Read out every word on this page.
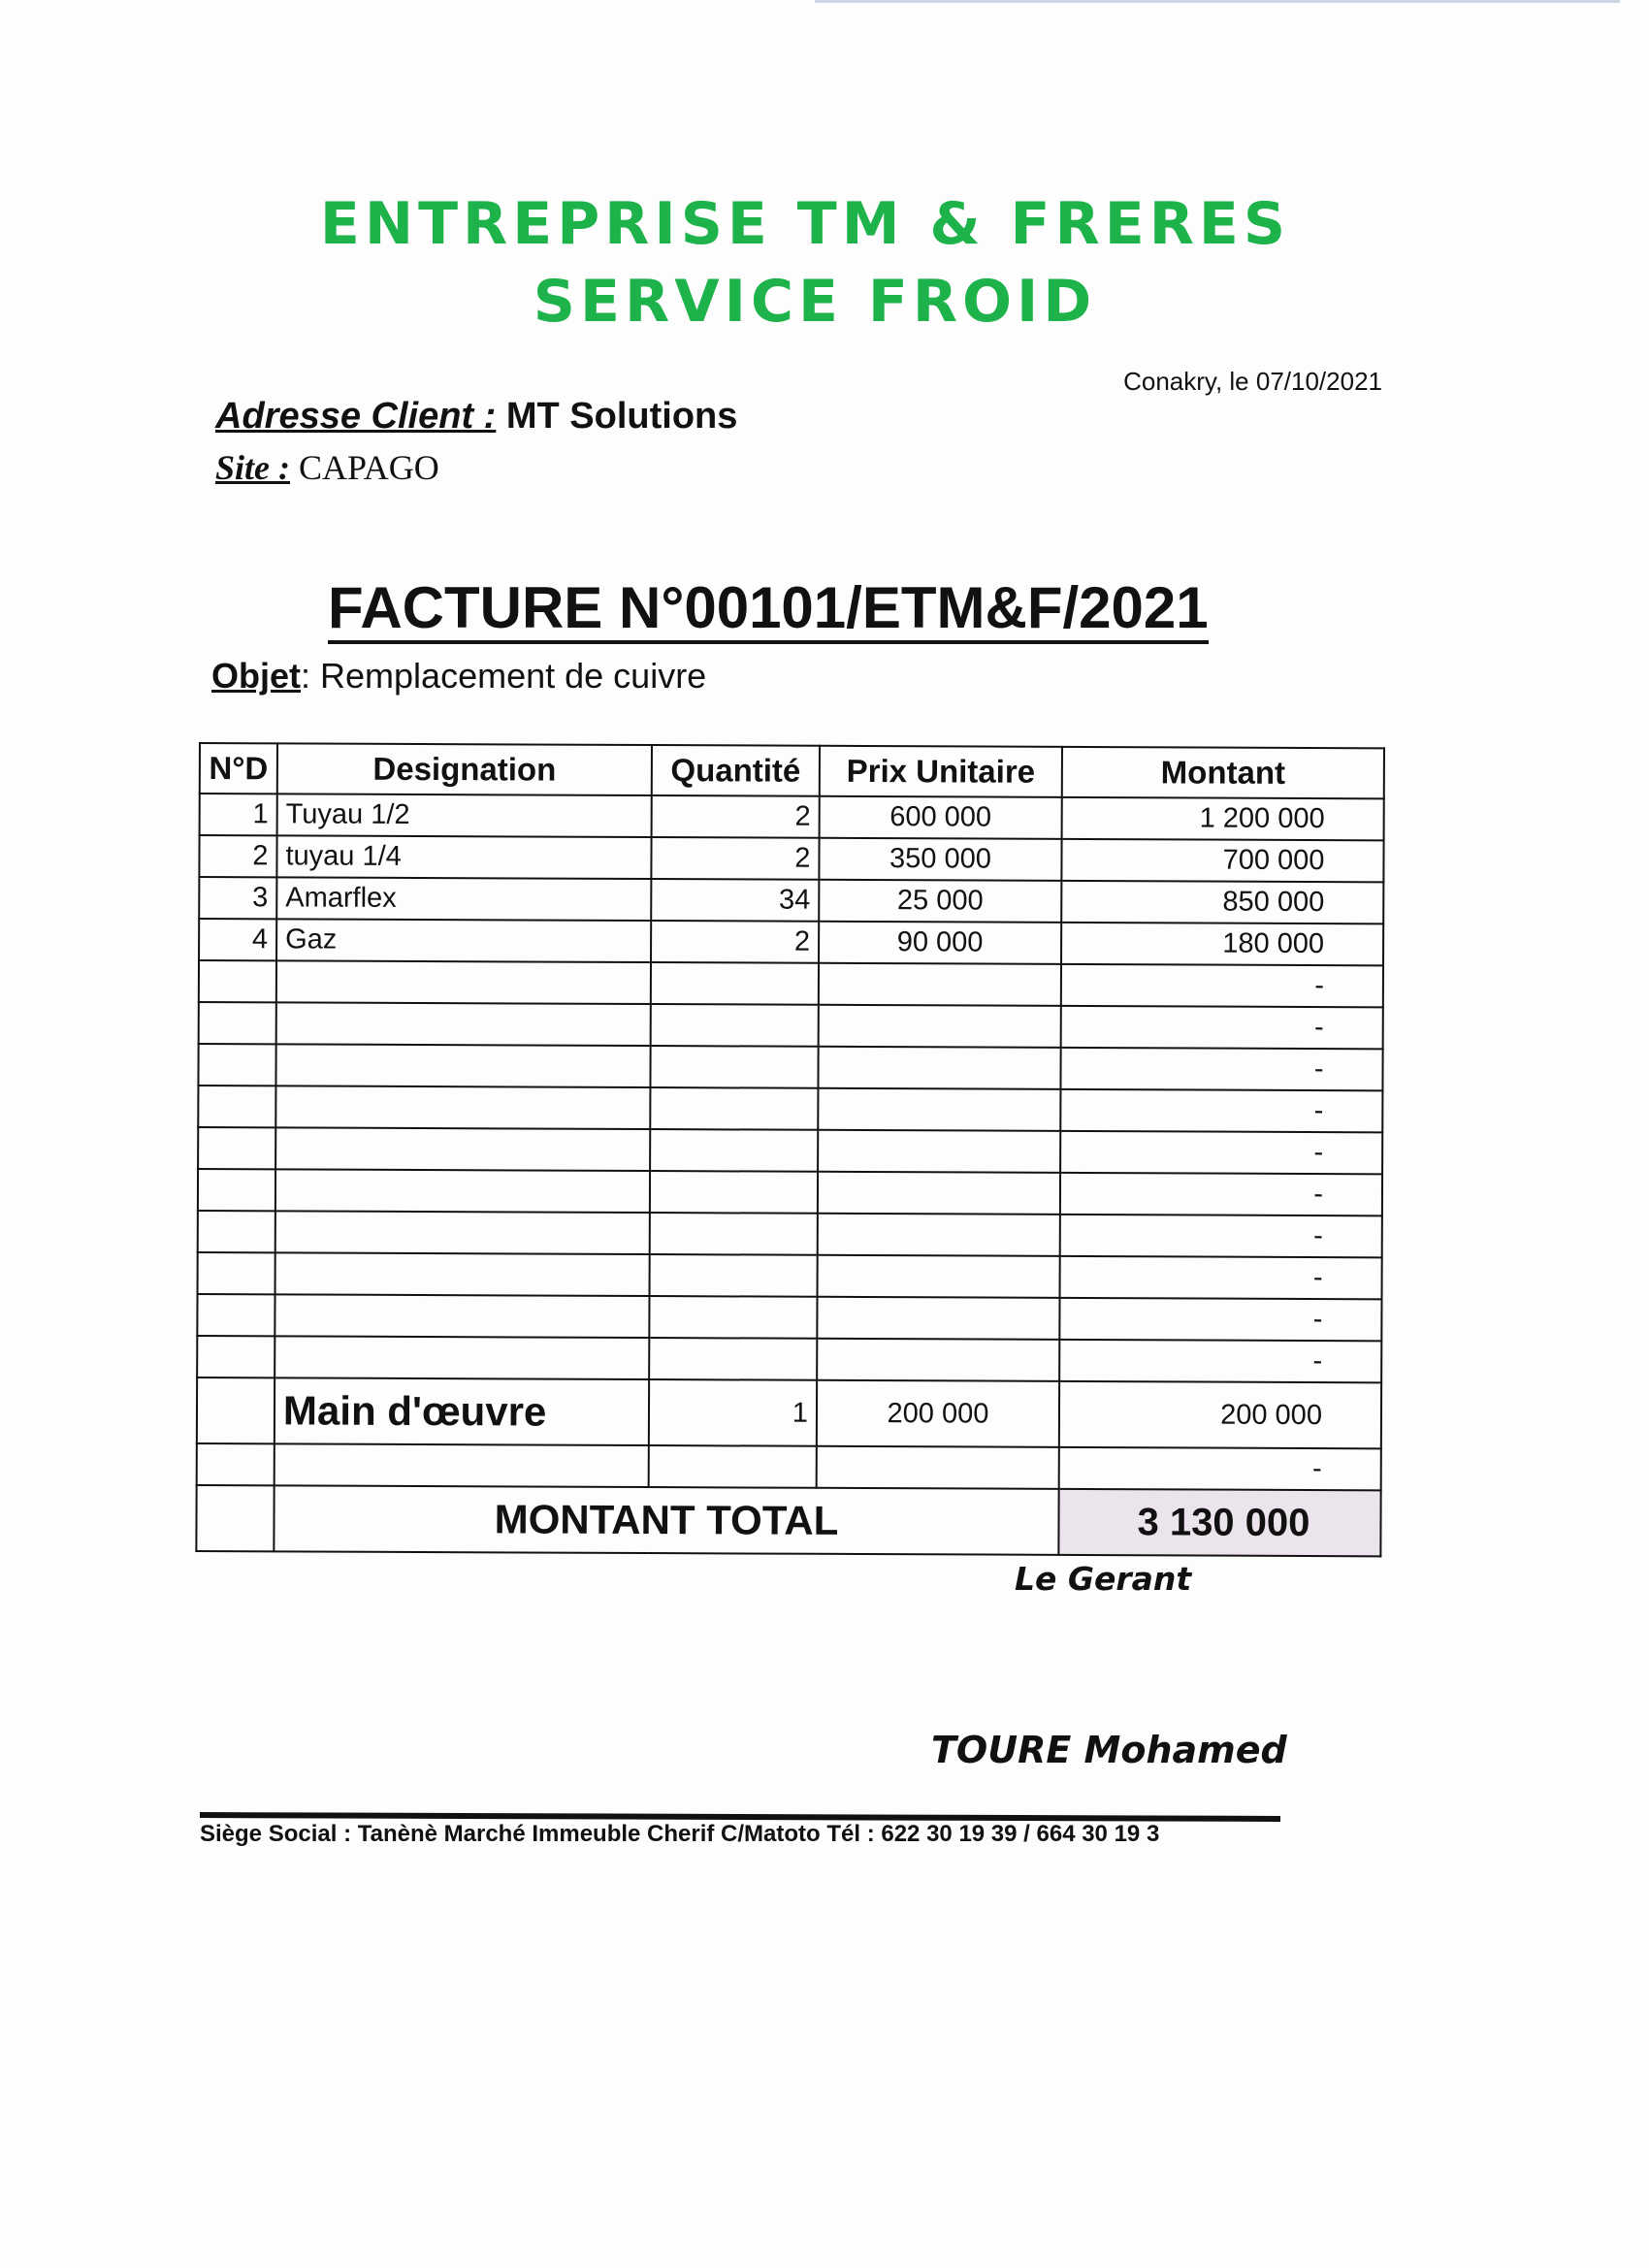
ENTREPRISE TM & FRERES
SERVICE FROID
Conakry, le 07/10/2021
Adresse Client : MT Solutions
Site : CAPAGO
FACTURE N°00101/ETM&F/2021
Objet: Remplacement de cuivre
N°D	Designation	Quantité	Prix Unitaire	Montant
1	Tuyau 1/2	2	600 000	1 200 000
2	tuyau 1/4	2	350 000	700 000
3	Amarflex	34	25 000	850 000
4	Gaz	2	90 000	180 000
				-
				-
				-
				-
				-
				-
				-
				-
				-
				-
	Main d'œuvre	1	200 000	200 000
				-
	MONTANT TOTAL			3 130 000
Le Gerant
TOURE Mohamed
Siège Social : Tanènè Marché Immeuble Cherif C/Matoto Tél : 622 30 19 39 / 664 30 19 3
